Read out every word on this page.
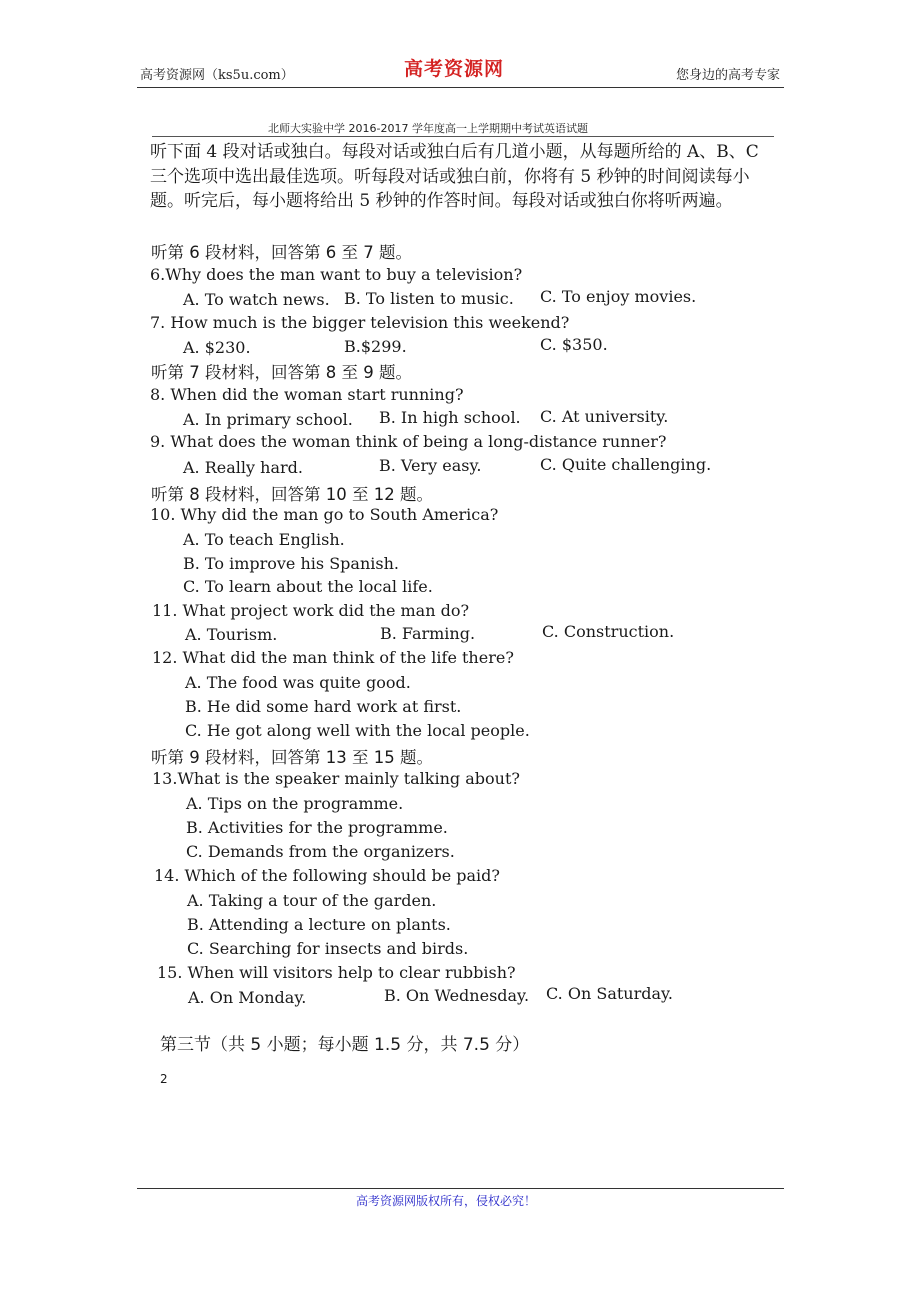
高考资源网（ks5u.com）	高考资源网	您身边的高考专家
北师大实验中学 2016-2017 学年度高一上学期期中考试英语试题
听下面 4 段对话或独白。每段对话或独白后有几道小题，从每题所给的 A、B、C 三个选项中选出最佳选项。听每段对话或独白前，你将有 5 秒钟的时间阅读每小题。听完后，每小题将给出 5 秒钟的作答时间。每段对话或独白你将听两遍。
听第 6 段材料，回答第 6 至 7 题。
6.Why does the man want to buy a television?
A. To watch news. B. To listen to music. C. To enjoy movies.
7. How much is the bigger television this weekend?
A. $230.	B.$299.	C. $350.
听第 7 段材料，回答第 8 至 9 题。
8. When did the woman start running?
A. In primary school. B. In high school. C. At university.
9. What does the woman think of being a long-distance runner?
A. Really hard.	B. Very easy.	C. Quite challenging.
听第 8 段材料，回答第 10 至 12 题。
10. Why did the man go to South America?
A. To teach English.
B. To improve his Spanish.
C. To learn about the local life.
11. What project work did the man do?
A. Tourism.	B. Farming.	C. Construction.
12. What did the man think of the life there?
A. The food was quite good.
B. He did some hard work at first.
C. He got along well with the local people.
听第 9 段材料，回答第 13 至 15 题。
13.What is the speaker mainly talking about?
A. Tips on the programme.
B. Activities for the programme.
C. Demands from the organizers.
14. Which of the following should be paid?
A. Taking a tour of the garden.
B. Attending a lecture on plants.
C. Searching for insects and birds.
15. When will visitors help to clear rubbish?
A. On Monday.	B. On Wednesday. C. On Saturday.
第三节（共 5 小题；每小题 1.5 分，共 7.5 分）
2
高考资源网版权所有，侵权必究！
